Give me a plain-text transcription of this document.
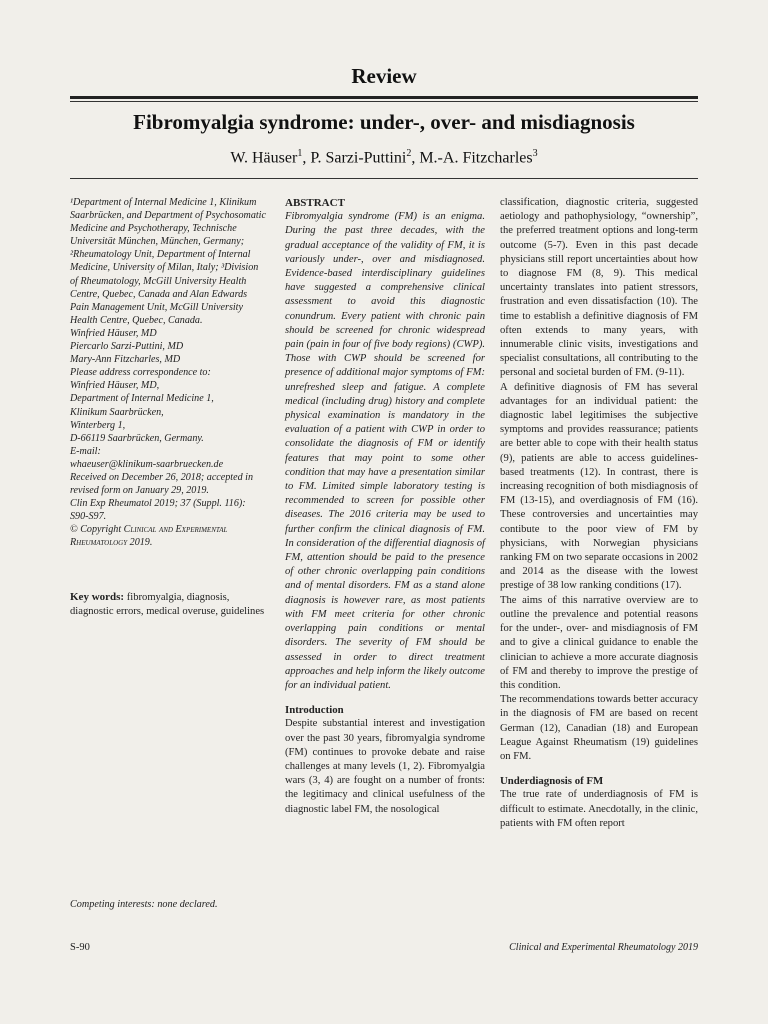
Review
Fibromyalgia syndrome: under-, over- and misdiagnosis
W. Häuser$^1$, P. Sarzi-Puttini$^2$, M.-A. Fitzcharles$^3$

¹Department of Internal Medicine 1, Klinikum Saarbrücken, and Department of Psychosomatic Medicine and Psychotherapy, Technische Universität München, München, Germany;

²Rheumatology Unit, Department of Internal Medicine, University of Milan, Italy; ³Division of Rheumatology, McGill University Health Centre, Quebec, Canada and Alan Edwards Pain Management Unit, McGill University Health Centre, Quebec, Canada.

Winfried Häuser, MD
Piercarlo Sarzi-Puttini, MD
Mary-Ann Fitzcharles, MD

Please address correspondence to:
Winfried Häuser, MD,
Department of Internal Medicine 1,
Klinikum Saarbrücken,
Winterberg 1,
D-66119 Saarbrücken, Germany.
E-mail:
whaeuser@klinikum-saarbruecken.de

Received on December 26, 2018; accepted in revised form on January 29, 2019.

Clin Exp Rheumatol 2019; 37 (Suppl. 116): S90-S97.

© Copyright Clinical and Experimental Rheumatology 2019.

Key words: fibromyalgia, diagnosis, diagnostic errors, medical overuse, guidelines
Competing interests: none declared.

ABSTRACT

Fibromyalgia syndrome (FM) is an enigma. During the past three decades, with the gradual acceptance of the validity of FM, it is variously under-, over and misdiagnosed. Evidence-based interdisciplinary guidelines have suggested a comprehensive clinical assessment to avoid this diagnostic conundrum. Every patient with chronic pain should be screened for chronic widespread pain (pain in four of five body regions) (CWP). Those with CWP should be screened for presence of additional major symptoms of FM: unrefreshed sleep and fatigue. A complete medical (including drug) history and complete physical examination is mandatory in the evaluation of a patient with CWP in order to consolidate the diagnosis of FM or identify features that may point to some other condition that may have a presentation similar to FM. Limited simple laboratory testing is recommended to screen for possible other diseases. The 2016 criteria may be used to further confirm the clinical diagnosis of FM. In consideration of the differential diagnosis of FM, attention should be paid to the presence of other chronic overlapping pain conditions and of mental disorders. FM as a stand alone diagnosis is however rare, as most patients with FM meet criteria for other chronic overlapping pain conditions or mental disorders. The severity of FM should be assessed in order to direct treatment approaches and help inform the likely outcome for an individual patient.

Introduction

Despite substantial interest and investigation over the past 30 years, fibromyalgia syndrome (FM) continues to provoke debate and raise challenges at many levels (1, 2). Fibromyalgia wars (3, 4) are fought on a number of fronts: the legitimacy and clinical usefulness of the diagnostic label FM, the nosological

classification, diagnostic criteria, suggested aetiology and pathophysiology, “ownership”, the preferred treatment options and long-term outcome (5-7). Even in this past decade physicians still report uncertainties about how to diagnose FM (8, 9). This medical uncertainty translates into patient stressors, frustration and even dissatisfaction (10). The time to establish a definitive diagnosis of FM often extends to many years, with innumerable clinic visits, investigations and specialist consultations, all contributing to the personal and societal burden of FM. (9-11).

A definitive diagnosis of FM has several advantages for an individual patient: the diagnostic label legitimises the subjective symptoms and provides reassurance; patients are better able to cope with their health status (9), patients are able to access guidelines-based treatments (12). In contrast, there is increasing recognition of both misdiagnosis of FM (13-15), and overdiagnosis of FM (16). These controversies and uncertainties may contibute to the poor view of FM by physicians, with Norwegian physicians ranking FM on two separate occasions in 2002 and 2014 as the disease with the lowest prestige of 38 low ranking conditions (17).

The aims of this narrative overview are to outline the prevalence and potential reasons for the under-, over- and misdiagnosis of FM and to give a clinical guidance to enable the clinician to achieve a more accurate diagnosis of FM and thereby to improve the prestige of this condition.

The recommendations towards better accuracy in the diagnosis of FM are based on recent German (12), Canadian (18) and European League Against Rheumatism (19) guidelines on FM.

Underdiagnosis of FM

The true rate of underdiagnosis of FM is difficult to estimate. Anecdotally, in the clinic, patients with FM often report

S-90	Clinical and Experimental Rheumatology 2019
